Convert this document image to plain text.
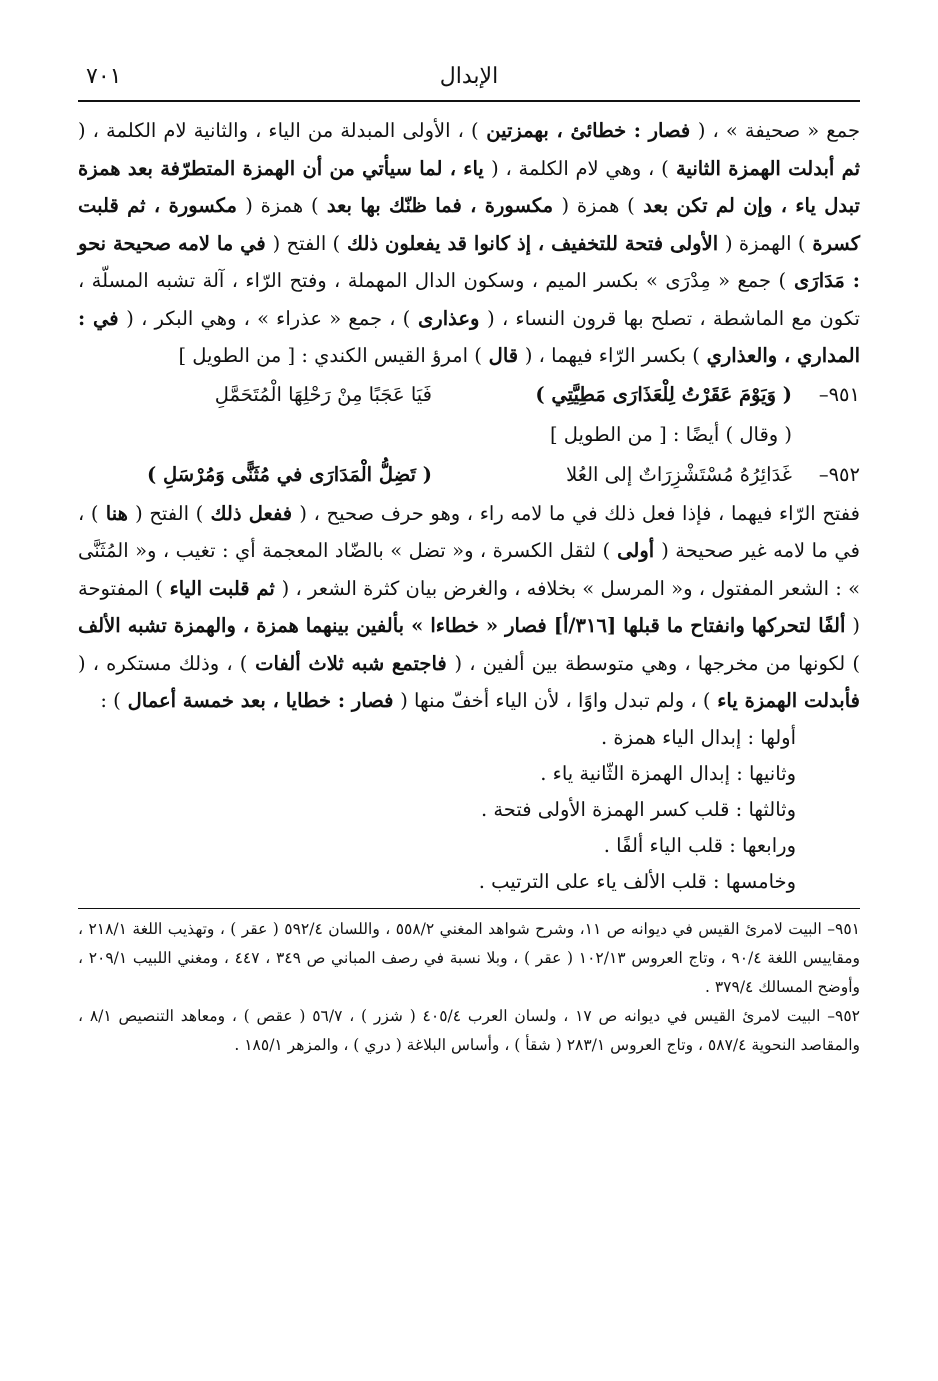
الإبدال
٧٠١

جمع « صحيفة » ، ( فصار : خطائئ ، بهمزتين ) ، الأولى المبدلة من الياء ، والثانية لام الكلمة ، ( ثم أبدلت الهمزة الثانية ) ، وهي لام الكلمة ، ( ياء ، لما سيأتي من أن الهمزة المتطرّفة بعد همزة تبدل ياء ، وإن لم تكن بعد ) همزة ( مكسورة ، فما ظنّك بها بعد ) همزة ( مكسورة ، ثم قلبت كسرة ) الهمزة ( الأولى فتحة للتخفيف ، إذ كانوا قد يفعلون ذلك ) الفتح ( في ما لامه صحيحة نحو : مَدَارَى ) جمع « مِدْرَى » بكسر الميم ، وسكون الدال المهملة ، وفتح الرّاء ، آلة تشبه المسلّة ، تكون مع الماشطة ، تصلح بها قرون النساء ، ( وعذارى ) ، جمع « عذراء » ، وهي البكر ، ( في : المداري ، والعذاري ) بكسر الرّاء فيهما ، ( قال ) امرؤ القيس الكندي : [ من الطويل ]

٩٥١–
( وَيَوْمَ عَقَرْتُ لِلْعَذَارَى مَطِيَّتِي )
فَيَا عَجَبًا مِنْ رَحْلِهَا الْمُتَحَمَّلِ
( وقال ) أيضًا : [ من الطويل ]
٩٥٢–
غَدَائِرُهُ مُسْتَشْزِرَاتٌ إلى العُلا
( تَضِلُّ الْمَدَارَى في مُثَنًّى وَمُرْسَلِ )

ففتح الرّاء فيهما ، فإذا فعل ذلك في ما لامه راء ، وهو حرف صحيح ، ( ففعل ذلك ) الفتح ( هنا ) ، في ما لامه غير صحيحة ( أولى ) لثقل الكسرة ، و« تضل » بالضّاد المعجمة أي : تغيب ، و« المُثَنَّى » : الشعر المفتول ، و« المرسل » بخلافه ، والغرض بيان كثرة الشعر ، ( ثم قلبت الياء ) المفتوحة ( ألفًا لتحركها وانفتاح ما قبلها [٣١٦/أ] فصار « خطاءا » بألفين بينهما همزة ، والهمزة تشبه الألف ) لكونها من مخرجها ، وهي متوسطة بين ألفين ، ( فاجتمع شبه ثلاث ألفات ) ، وذلك مستكره ، ( فأبدلت الهمزة ياء ) ، ولم تبدل واوًا ، لأن الياء أخفّ منها ( فصار : خطايا ، بعد خمسة أعمال ) :

أولها : إبدال الياء همزة .
وثانيها : إبدال الهمزة الثّانية ياء .
وثالثها : قلب كسر الهمزة الأولى فتحة .
ورابعها : قلب الياء ألفًا .
وخامسها : قلب الألف ياء على الترتيب .

٩٥١– البيت لامرئ القيس في ديوانه ص ١١، وشرح شواهد المغني ٥٥٨/٢ ، واللسان ٥٩٢/٤ ( عقر ) ، وتهذيب اللغة ٢١٨/١ ، ومقاييس اللغة ٩٠/٤ ، وتاج العروس ١٠٢/١٣ ( عقر ) ، وبلا نسبة في رصف المباني ص ٣٤٩ ، ٤٤٧ ، ومغني اللبيب ٢٠٩/١ ، وأوضح المسالك ٣٧٩/٤ .

٩٥٢– البيت لامرئ القيس في ديوانه ص ١٧ ، ولسان العرب ٤٠٥/٤ ( شزر ) ، ٥٦/٧ ( عقص ) ، ومعاهد التنصيص ٨/١ ، والمقاصد النحوية ٥٨٧/٤ ، وتاج العروس ٢٨٣/١ ( شقأ ) ، وأساس البلاغة ( دري ) ، والمزهر ١٨٥/١ .
